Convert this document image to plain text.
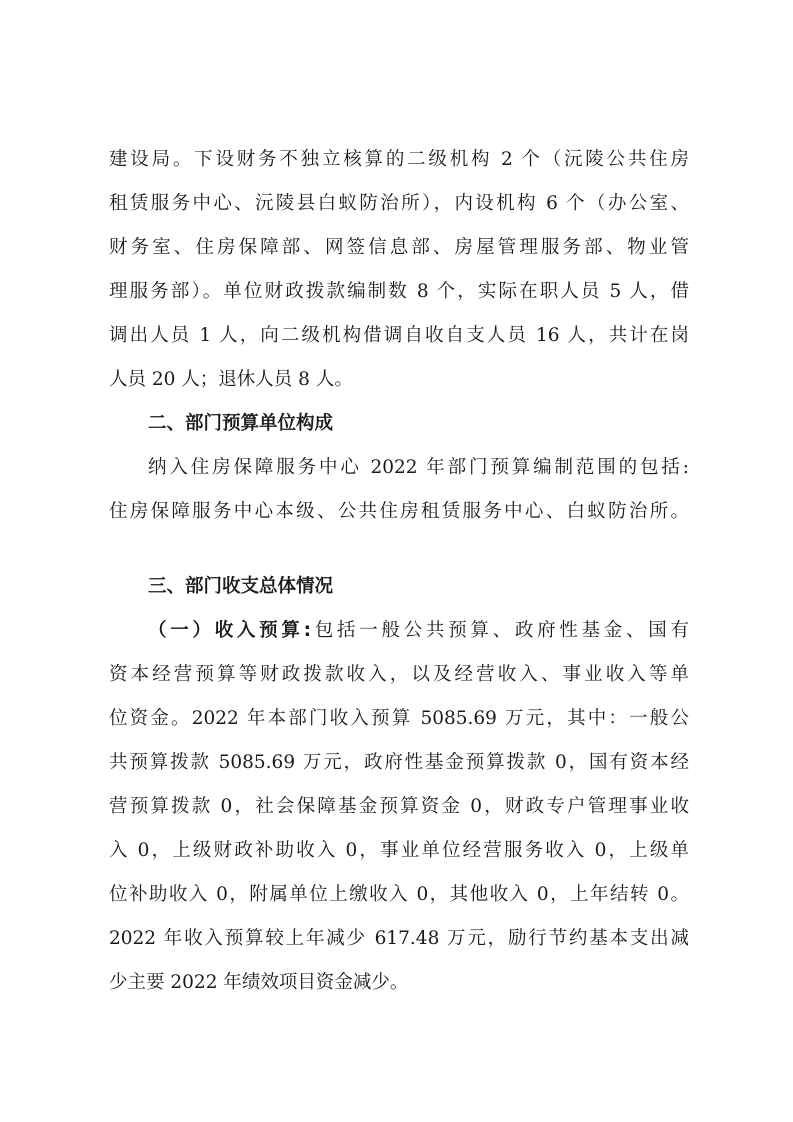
建设局。下设财务不独立核算的二级机构 2 个（沅陵公共住房
租赁服务中心、沅陵县白蚁防治所），内设机构 6 个（办公室、
财务室、住房保障部、网签信息部、房屋管理服务部、物业管
理服务部）。单位财政拨款编制数 8 个，实际在职人员 5 人，借
调出人员 1 人，向二级机构借调自收自支人员 16 人，共计在岗
人员 20 人；退休人员 8 人。
二、部门预算单位构成
纳入住房保障服务中心 2022 年部门预算编制范围的包括:
住房保障服务中心本级、公共住房租赁服务中心、白蚁防治所。
三、部门收支总体情况
（一）收入预算:包括一般公共预算、政府性基金、国有
资本经营预算等财政拨款收入，以及经营收入、事业收入等单
位资金。2022 年本部门收入预算 5085.69 万元，其中：一般公
共预算拨款 5085.69 万元，政府性基金预算拨款 0，国有资本经
营预算拨款 0，社会保障基金预算资金 0，财政专户管理事业收
入 0，上级财政补助收入 0，事业单位经营服务收入 0，上级单
位补助收入 0，附属单位上缴收入 0，其他收入 0，上年结转 0。
2022 年收入预算较上年减少 617.48 万元，励行节约基本支出减
少主要 2022 年绩效项目资金减少。
